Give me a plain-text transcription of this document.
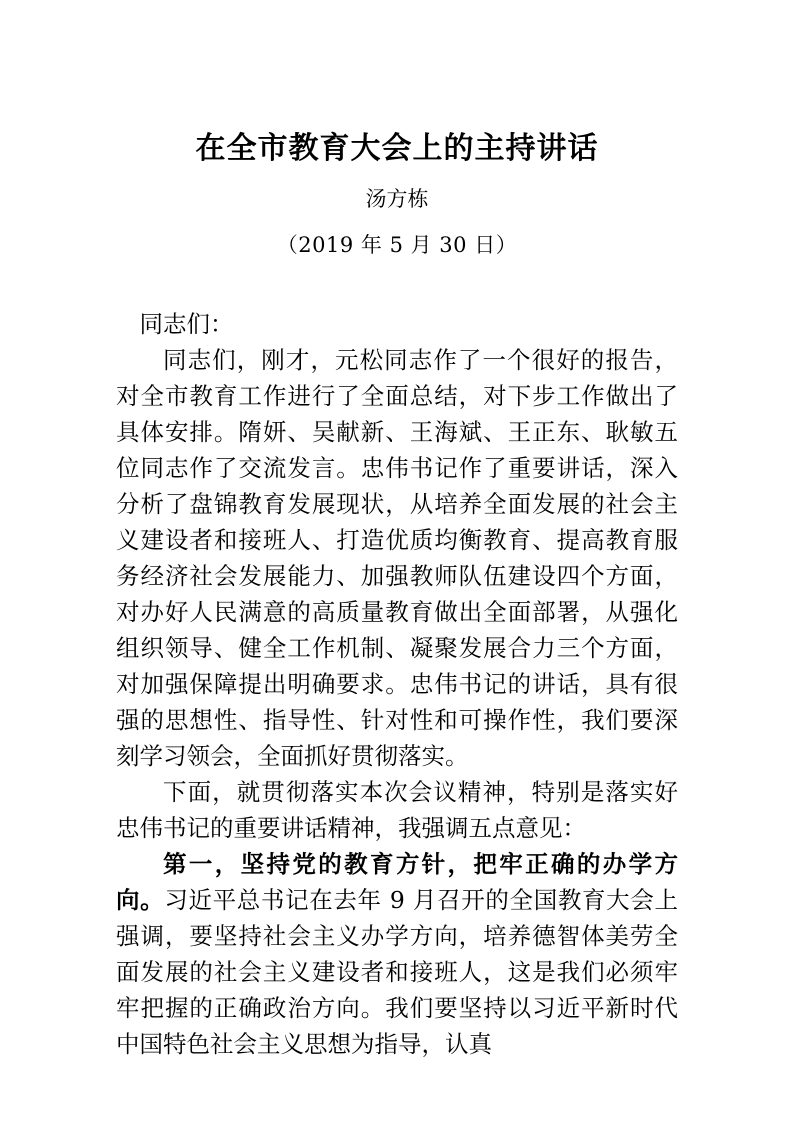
在全市教育大会上的主持讲话
汤方栋
（2019 年 5 月 30 日）

同志们：

同志们，刚才，元松同志作了一个很好的报告，对全市教育工作进行了全面总结，对下步工作做出了具体安排。隋妍、吴献新、王海斌、王正东、耿敏五位同志作了交流发言。忠伟书记作了重要讲话，深入分析了盘锦教育发展现状，从培养全面发展的社会主义建设者和接班人、打造优质均衡教育、提高教育服务经济社会发展能力、加强教师队伍建设四个方面，对办好人民满意的高质量教育做出全面部署，从强化组织领导、健全工作机制、凝聚发展合力三个方面，对加强保障提出明确要求。忠伟书记的讲话，具有很强的思想性、指导性、针对性和可操作性，我们要深刻学习领会，全面抓好贯彻落实。

下面，就贯彻落实本次会议精神，特别是落实好忠伟书记的重要讲话精神，我强调五点意见：

第一，坚持党的教育方针，把牢正确的办学方向。习近平总书记在去年 9 月召开的全国教育大会上强调，要坚持社会主义办学方向，培养德智体美劳全面发展的社会主义建设者和接班人，这是我们必须牢牢把握的正确政治方向。我们要坚持以习近平新时代中国特色社会主义思想为指导，认真
